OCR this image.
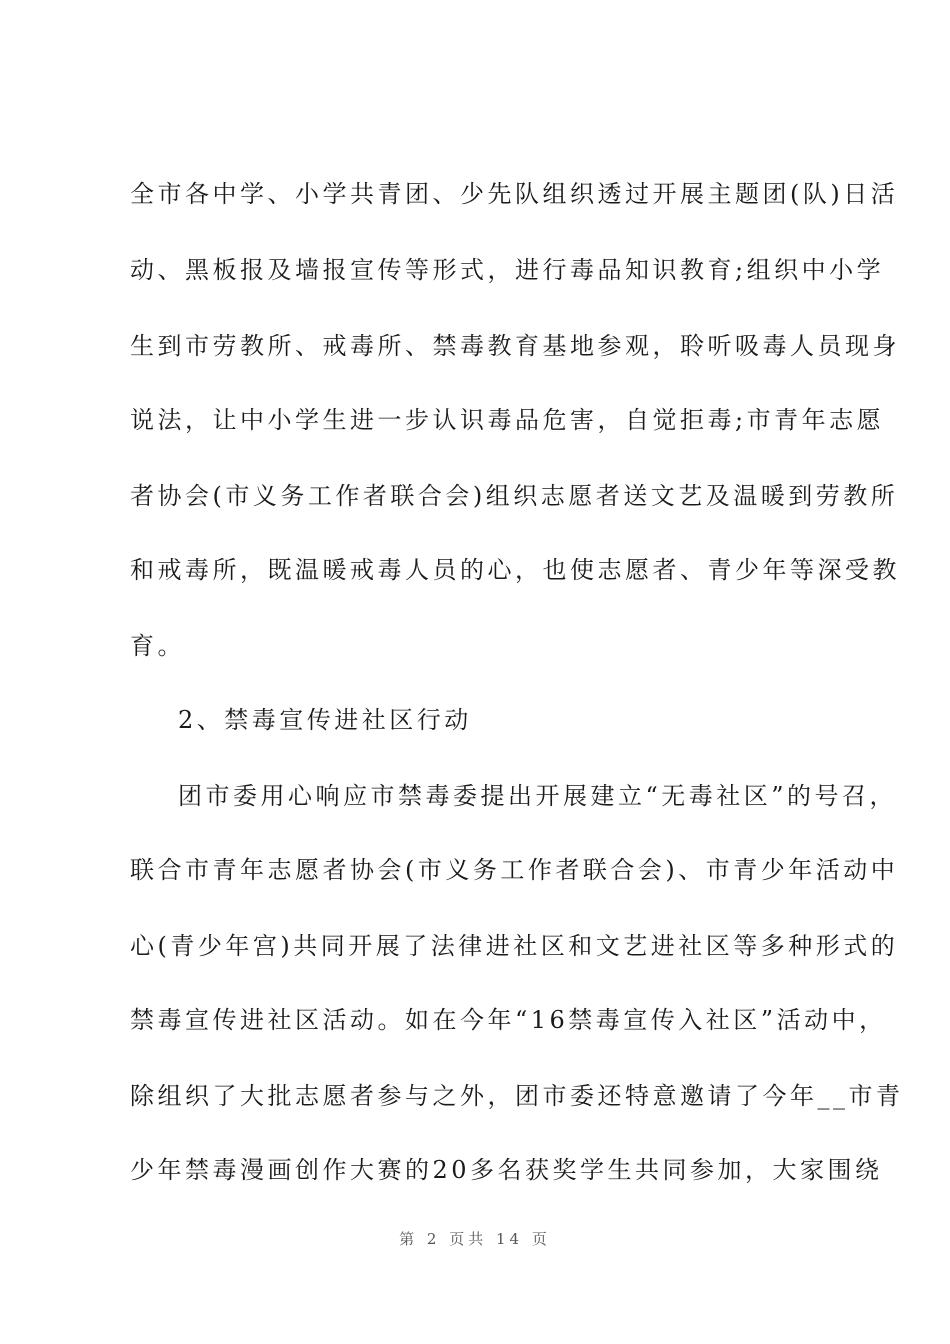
全市各中学、小学共青团、少先队组织透过开展主题团(队)日活
动、黑板报及墙报宣传等形式，进行毒品知识教育;组织中小学
生到市劳教所、戒毒所、禁毒教育基地参观，聆听吸毒人员现身
说法，让中小学生进一步认识毒品危害，自觉拒毒;市青年志愿
者协会(市义务工作者联合会)组织志愿者送文艺及温暖到劳教所
和戒毒所，既温暖戒毒人员的心，也使志愿者、青少年等深受教
育。
2、禁毒宣传进社区行动
团市委用心响应市禁毒委提出开展建立“无毒社区”的号召，
联合市青年志愿者协会(市义务工作者联合会)、市青少年活动中
心(青少年宫)共同开展了法律进社区和文艺进社区等多种形式的
禁毒宣传进社区活动。如在今年“16禁毒宣传入社区”活动中，
除组织了大批志愿者参与之外，团市委还特意邀请了今年__市青
少年禁毒漫画创作大赛的20多名获奖学生共同参加，大家围绕
第 2 页共 14 页
